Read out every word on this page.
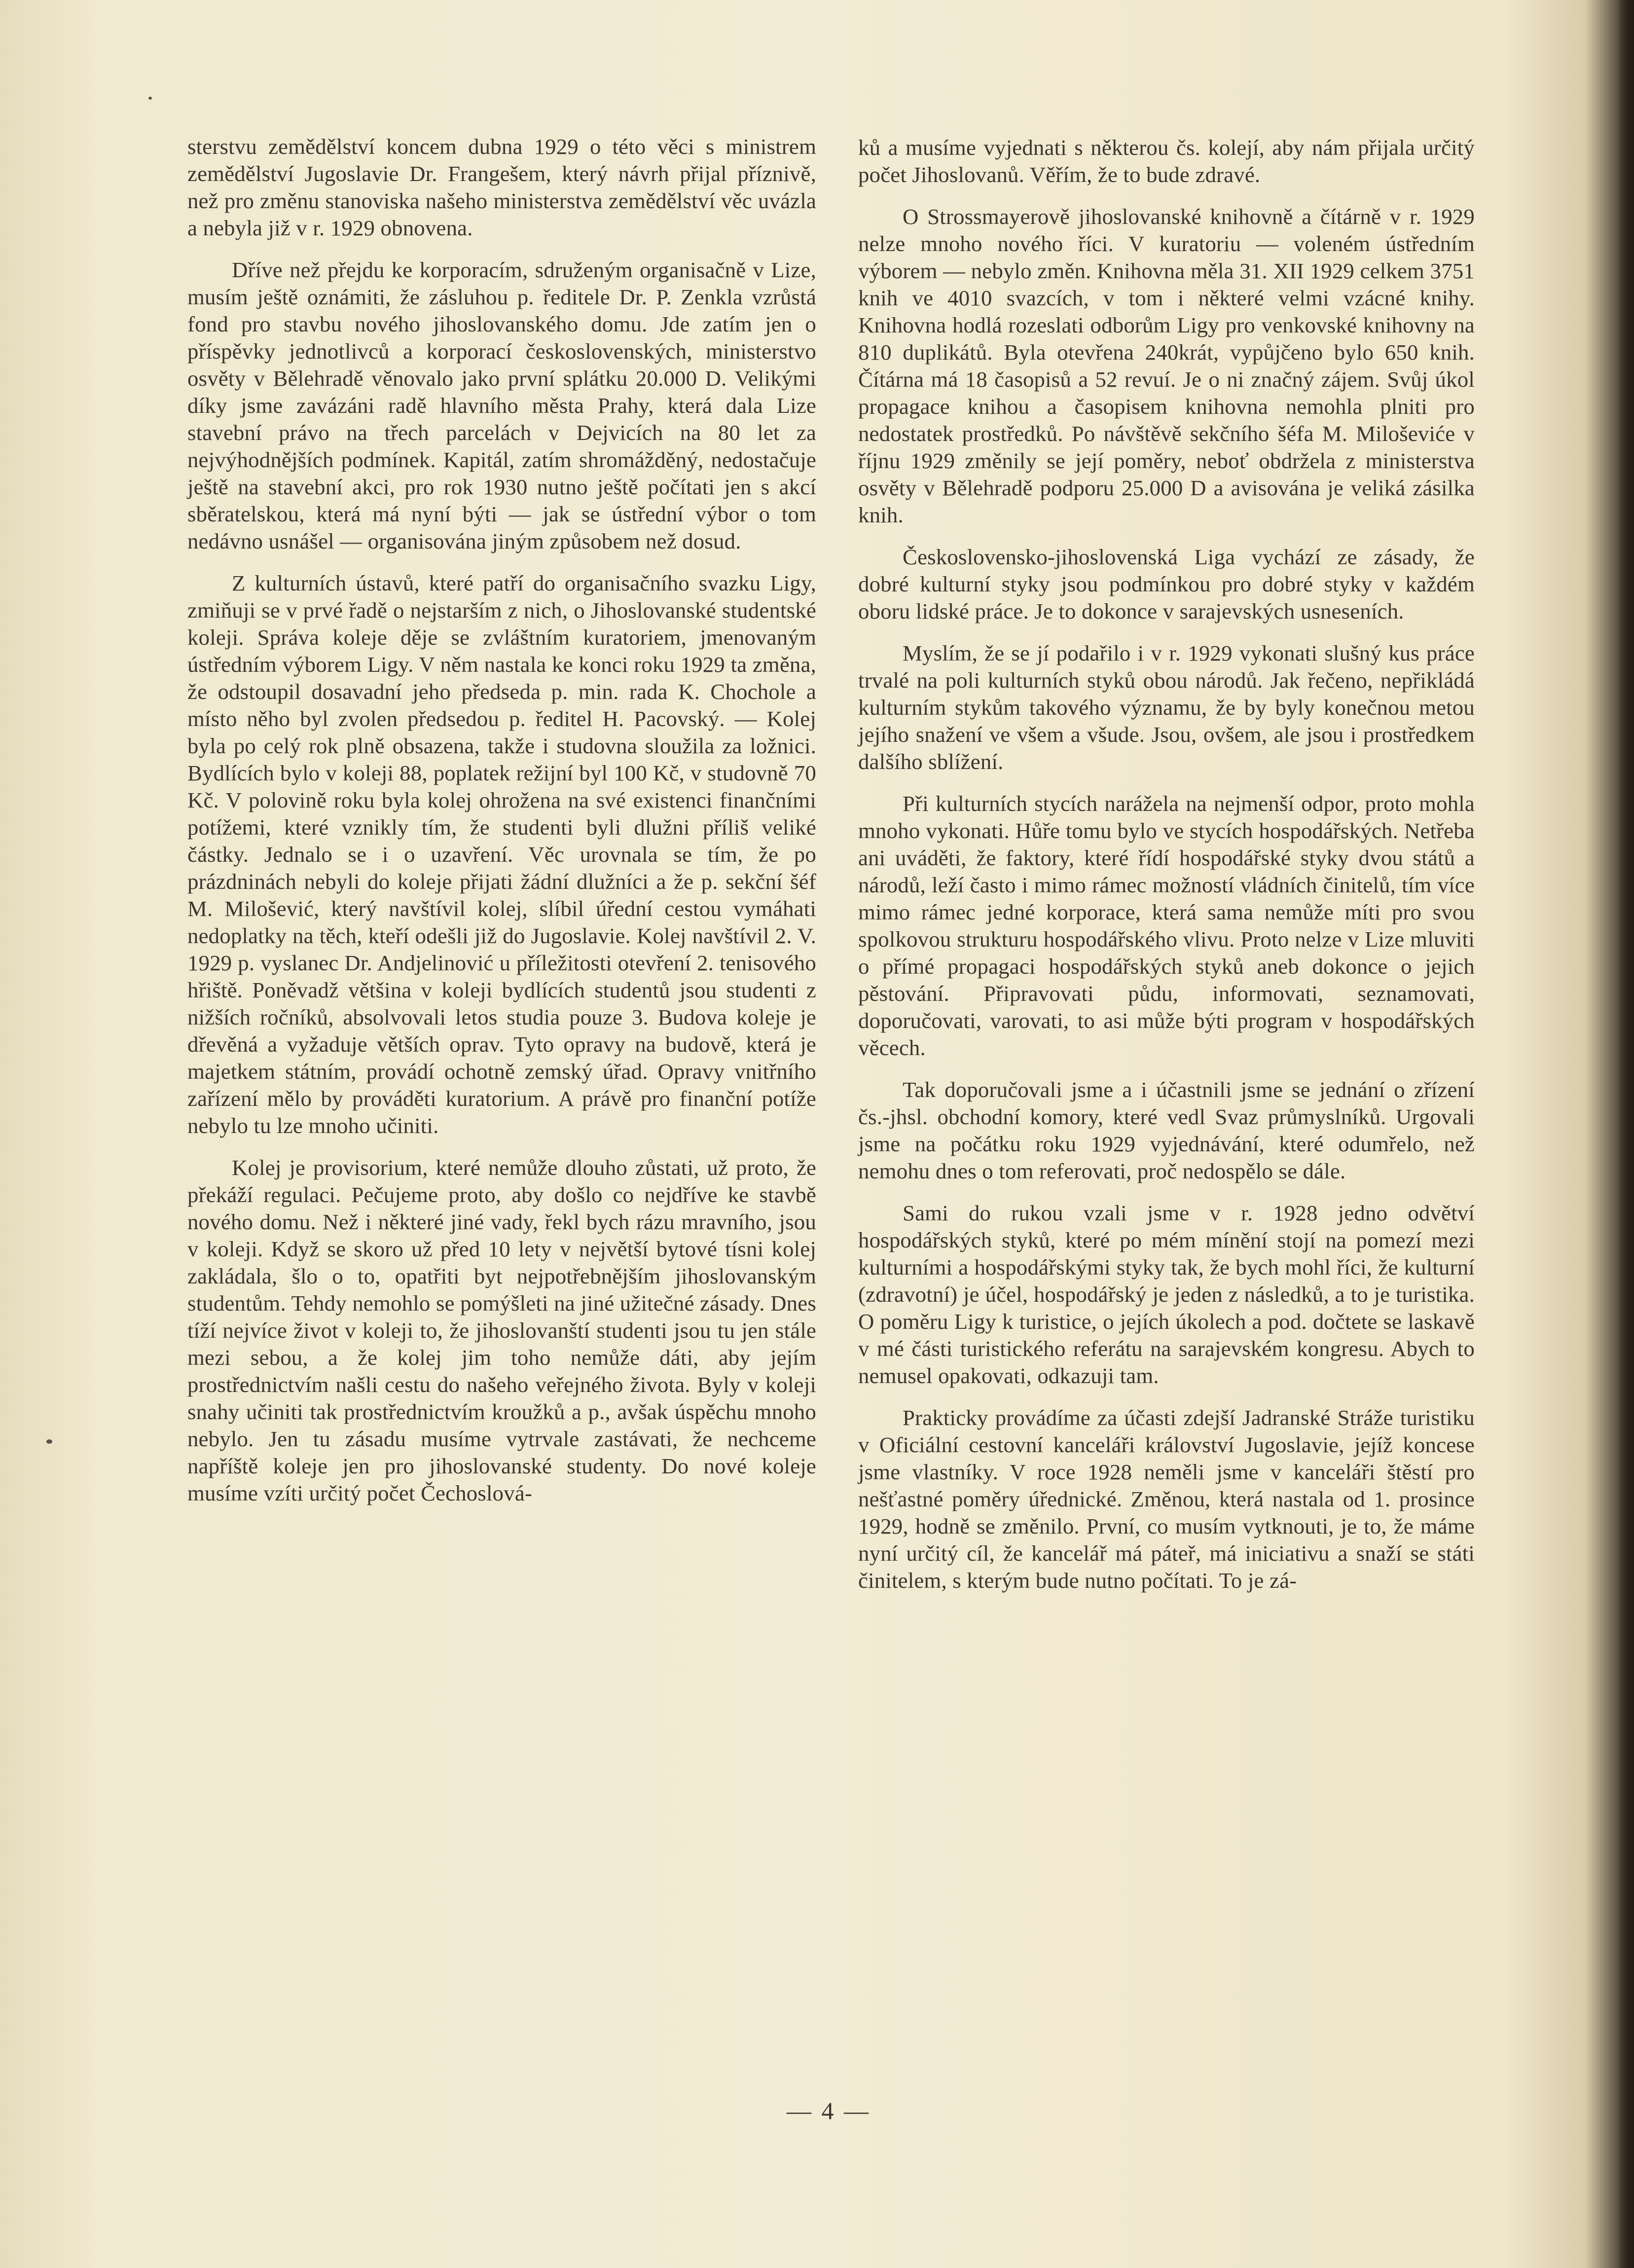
sterstvu zemědělství koncem dubna 1929 o této věci s ministrem zemědělství Jugoslavie Dr. Frangešem, který návrh přijal příznivě, než pro změnu stanoviska našeho ministerstva zemědělství věc uvázla a nebyla již v r. 1929 obnovena.

Dříve než přejdu ke korporacím, sdruženým organisačně v Lize, musím ještě oznámiti, že zásluhou p. ředitele Dr. P. Zenkla vzrůstá fond pro stavbu nového jihoslovanského domu. Jde zatím jen o příspěvky jednotlivců a korporací československých, ministerstvo osvěty v Bělehradě věnovalo jako první splátku 20.000 D. Velikými díky jsme zavázáni radě hlavního města Prahy, která dala Lize stavební právo na třech parcelách v Dejvicích na 80 let za nejvýhodnějších podmínek. Kapitál, zatím shromážděný, nedostačuje ještě na stavební akci, pro rok 1930 nutno ještě počítati jen s akcí sběratelskou, která má nyní býti — jak se ústřední výbor o tom nedávno usnášel — organisována jiným způsobem než dosud.

Z kulturních ústavů, které patří do organisačního svazku Ligy, zmiňuji se v prvé řadě o nejstarším z nich, o Jihoslovanské studentské koleji. Správa koleje děje se zvláštním kuratoriem, jmenovaným ústředním výborem Ligy. V něm nastala ke konci roku 1929 ta změna, že odstoupil dosavadní jeho předseda p. min. rada K. Chochole a místo něho byl zvolen předsedou p. ředitel H. Pacovský. — Kolej byla po celý rok plně obsazena, takže i studovna sloužila za ložnici. Bydlících bylo v koleji 88, poplatek režijní byl 100 Kč, v studovně 70 Kč. V polovině roku byla kolej ohrožena na své existenci finančními potížemi, které vznikly tím, že studenti byli dlužni příliš veliké částky. Jednalo se i o uzavření. Věc urovnala se tím, že po prázdninách nebyli do koleje přijati žádní dlužníci a že p. sekční šéf M. Milošević, který navštívil kolej, slíbil úřední cestou vymáhati nedoplatky na těch, kteří odešli již do Jugoslavie. Kolej navštívil 2. V. 1929 p. vyslanec Dr. Andjelinović u příležitosti otevření 2. tenisového hřiště. Poněvadž většina v koleji bydlících studentů jsou studenti z nižších ročníků, absolvovali letos studia pouze 3. Budova koleje je dřevěná a vyžaduje větších oprav. Tyto opravy na budově, která je majetkem státním, provádí ochotně zemský úřad. Opravy vnitřního zařízení mělo by prováděti kuratorium. A právě pro finanční potíže nebylo tu lze mnoho učiniti.

Kolej je provisorium, které nemůže dlouho zůstati, už proto, že překáží regulaci. Pečujeme proto, aby došlo co nejdříve ke stavbě nového domu. Než i některé jiné vady, řekl bych rázu mravního, jsou v koleji. Když se skoro už před 10 lety v největší bytové tísni kolej zakládala, šlo o to, opatřiti byt nejpotřebnějším jihoslovanským studentům. Tehdy nemohlo se pomýšleti na jiné užitečné zásady. Dnes tíží nejvíce život v koleji to, že jihoslovanští studenti jsou tu jen stále mezi sebou, a že kolej jim toho nemůže dáti, aby jejím prostřednictvím našli cestu do našeho veřejného života. Byly v koleji snahy učiniti tak prostřednictvím kroužků a p., avšak úspěchu mnoho nebylo. Jen tu zásadu musíme vytrvale zastávati, že nechceme napříště koleje jen pro jihoslovanské studenty. Do nové koleje musíme vzíti určitý počet Čechoslová-

ků a musíme vyjednati s některou čs. kolejí, aby nám přijala určitý počet Jihoslovanů. Věřím, že to bude zdravé.

O Strossmayerově jihoslovanské knihovně a čítárně v r. 1929 nelze mnoho nového říci. V kuratoriu — voleném ústředním výborem — nebylo změn. Knihovna měla 31. XII 1929 celkem 3751 knih ve 4010 svazcích, v tom i některé velmi vzácné knihy. Knihovna hodlá rozeslati odborům Ligy pro venkovské knihovny na 810 duplikátů. Byla otevřena 240krát, vypůjčeno bylo 650 knih. Čítárna má 18 časopisů a 52 revuí. Je o ni značný zájem. Svůj úkol propagace knihou a časopisem knihovna nemohla plniti pro nedostatek prostředků. Po návštěvě sekčního šéfa M. Miloševiće v říjnu 1929 změnily se její poměry, neboť obdržela z ministerstva osvěty v Bělehradě podporu 25.000 D a avisována je veliká zásilka knih.

Československo-jihoslovenská Liga vychází ze zásady, že dobré kulturní styky jsou podmínkou pro dobré styky v každém oboru lidské práce. Je to dokonce v sarajevských usneseních.

Myslím, že se jí podařilo i v r. 1929 vykonati slušný kus práce trvalé na poli kulturních styků obou národů. Jak řečeno, nepřikládá kulturním stykům takového významu, že by byly konečnou metou jejího snažení ve všem a všude. Jsou, ovšem, ale jsou i prostředkem dalšího sblížení.

Při kulturních stycích narážela na nejmenší odpor, proto mohla mnoho vykonati. Hůře tomu bylo ve stycích hospodářských. Netřeba ani uváděti, že faktory, které řídí hospodářské styky dvou států a národů, leží často i mimo rámec možností vládních činitelů, tím více mimo rámec jedné korporace, která sama nemůže míti pro svou spolkovou strukturu hospodářského vlivu. Proto nelze v Lize mluviti o přímé propagaci hospodářských styků aneb dokonce o jejich pěstování. Připravovati půdu, informovati, seznamovati, doporučovati, varovati, to asi může býti program v hospodářských věcech.

Tak doporučovali jsme a i účastnili jsme se jednání o zřízení čs.-jhsl. obchodní komory, které vedl Svaz průmyslníků. Urgovali jsme na počátku roku 1929 vyjednávání, které odumřelo, než nemohu dnes o tom referovati, proč nedospělo se dále.

Sami do rukou vzali jsme v r. 1928 jedno odvětví hospodářských styků, které po mém mínění stojí na pomezí mezi kulturními a hospodářskými styky tak, že bych mohl říci, že kulturní (zdravotní) je účel, hospodářský je jeden z následků, a to je turistika. O poměru Ligy k turistice, o jejích úkolech a pod. dočtete se laskavě v mé části turistického referátu na sarajevském kongresu. Abych to nemusel opakovati, odkazuji tam.

Prakticky provádíme za účasti zdejší Jadranské Stráže turistiku v Oficiální cestovní kanceláři království Jugoslavie, jejíž koncese jsme vlastníky. V roce 1928 neměli jsme v kanceláři štěstí pro nešťastné poměry úřednické. Změnou, která nastala od 1. prosince 1929, hodně se změnilo. První, co musím vytknouti, je to, že máme nyní určitý cíl, že kancelář má páteř, má iniciativu a snaží se státi činitelem, s kterým bude nutno počítati. To je zá-

— 4 —
